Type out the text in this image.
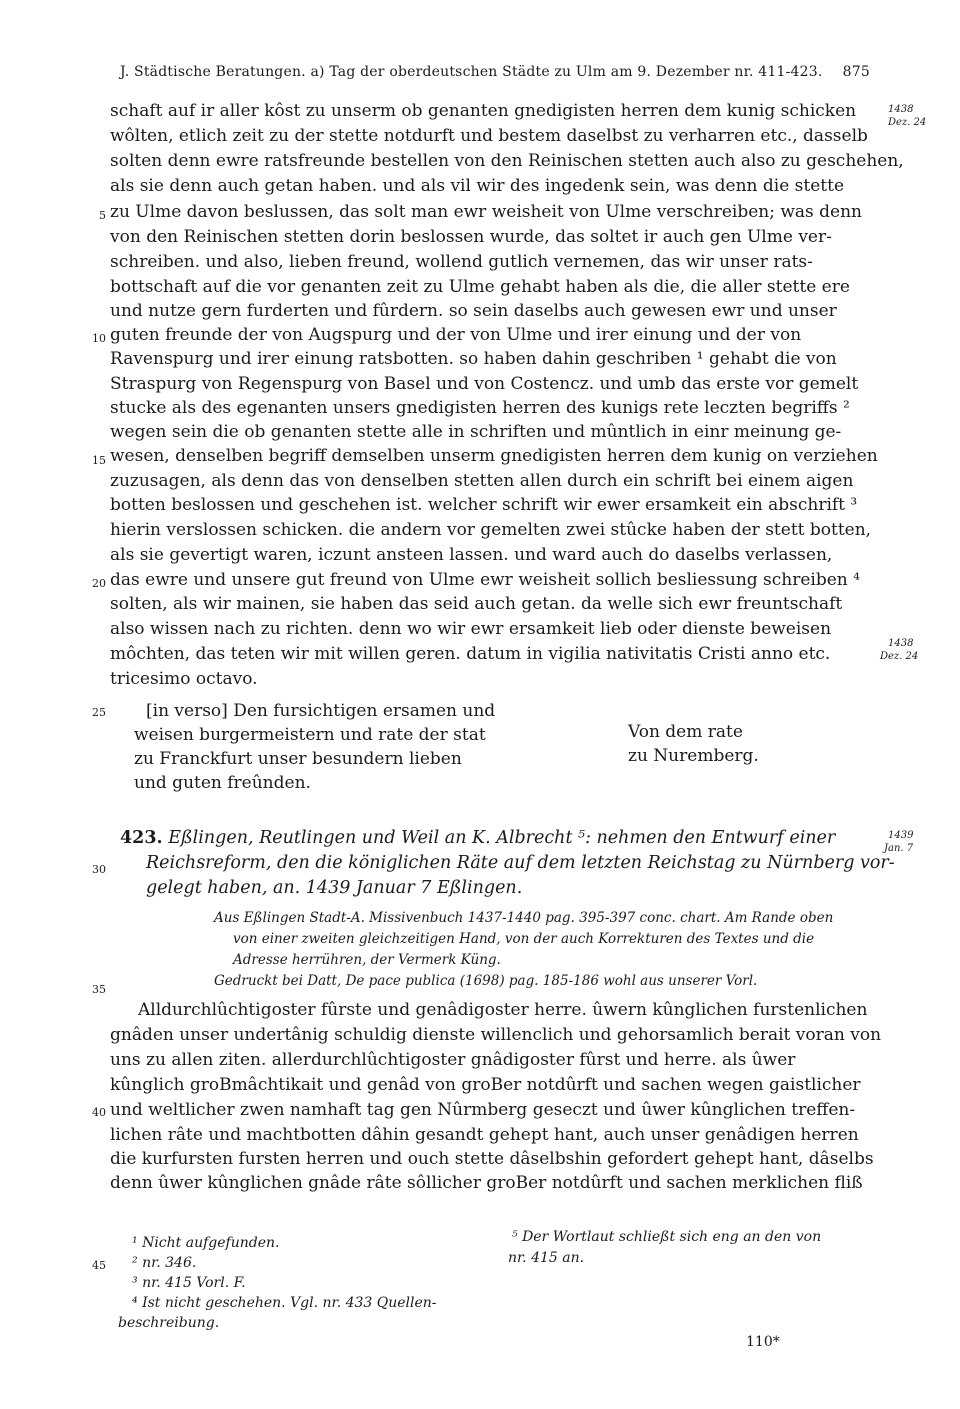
J. Städtische Beratungen. a) Tag der oberdeutschen Städte zu Ulm am 9. Dezember nr. 411-423. 875
schaft auf ir aller kôst zu unserm ob genanten gnedigisten herren dem kunig schicken
wôlten, etlich zeit zu der stette notdurft und bestem daselbst zu verharren etc., dasselb
solten denn ewre ratsfreunde bestellen von den Reinischen stetten auch also zu geschehen,
als sie denn auch getan haben. und als vil wir des ingedenk sein, was denn die stette
zu Ulme davon beslussen, das solt man ewr weisheit von Ulme verschreiben; was denn
von den Reinischen stetten dorin beslossen wurde, das soltet ir auch gen Ulme ver-
schreiben. und also, lieben freund, wollend gutlich vernemen, das wir unser rats-
bottschaft auf die vor genanten zeit zu Ulme gehabt haben als die, die aller stette ere
und nutze gern furderten und fûrdern. so sein daselbs auch gewesen ewr und unser
guten freunde der von Augspurg und der von Ulme und irer einung und der von
Ravenspurg und irer einung ratsbotten. so haben dahin geschriben ¹ gehabt die von
Straspurg von Regenspurg von Basel und von Costencz. und umb das erste vor gemelt
stucke als des egenanten unsers gnedigisten herren des kunigs rete leczten begriffs ²
wegen sein die ob genanten stette alle in schriften und mûntlich in einr meinung ge-
wesen, denselben begriff demselben unserm gnedigisten herren dem kunig on verziehen
zuzusagen, als denn das von denselben stetten allen durch ein schrift bei einem aigen
botten beslossen und geschehen ist. welcher schrift wir ewer ersamkeit ein abschrift ³
hierin verslossen schicken. die andern vor gemelten zwei stûcke haben der stett botten,
als sie gevertigt waren, iczunt ansteen lassen. und ward auch do daselbs verlassen,
das ewre und unsere gut freund von Ulme ewr weisheit sollich besliessung schreiben ⁴
solten, als wir mainen, sie haben das seid auch getan. da welle sich ewr freuntschaft
also wissen nach zu richten. denn wo wir ewr ersamkeit lieb oder dienste beweisen
môchten, das teten wir mit willen geren. datum in vigilia nativitatis Cristi anno etc.
tricesimo octavo.
1438
Dez. 24
1438
Dez. 24
1439
Jan. 7
[in verso] Den fursichtigen ersamen und
weisen burgermeistern und rate der stat
zu Franckfurt unser besundern lieben
und guten freûnden.
Von dem rate
zu Nuremberg.
423. Eßlingen, Reutlingen und Weil an K. Albrecht ⁵: nehmen den Entwurf einer
Reichsreform, den die königlichen Räte auf dem letzten Reichstag zu Nürnberg vor-
gelegt haben, an. 1439 Januar 7 Eßlingen.
Aus Eßlingen Stadt-A. Missivenbuch 1437-1440 pag. 395-397 conc. chart. Am Rande oben
von einer zweiten gleichzeitigen Hand, von der auch Korrekturen des Textes und die
Adresse herrühren, der Vermerk Küng.
Gedruckt bei Datt, De pace publica (1698) pag. 185-186 wohl aus unserer Vorl.
Alldurchlûchtigoster fûrste und genâdigoster herre. ûwern kûnglichen furstenlichen
gnâden unser undertânig schuldig dienste willenclich und gehorsamlich berait voran von
uns zu allen ziten. allerdurchlûchtigoster gnâdigoster fûrst und herre. als ûwer
kûnglich groBmâchtikait und genâd von groBer notdûrft und sachen wegen gaistlicher
und weltlicher zwen namhaft tag gen Nûrmberg geseczt und ûwer kûnglichen treffen-
lichen râte und machtbotten dâhin gesandt gehept hant, auch unser genâdigen herren
die kurfursten fursten herren und ouch stette dâselbshin gefordert gehept hant, dâselbs
denn ûwer kûnglichen gnâde râte sôllicher groBer notdûrft und sachen merklichen fliß
¹ Nicht aufgefunden.
² nr. 346.
³ nr. 415 Vorl. F.
⁴ Ist nicht geschehen. Vgl. nr. 433 Quellen-
beschreibung.
⁵ Der Wortlaut schließt sich eng an den von
nr. 415 an.
5
10
15
20
25
30
35
40
45
110*
